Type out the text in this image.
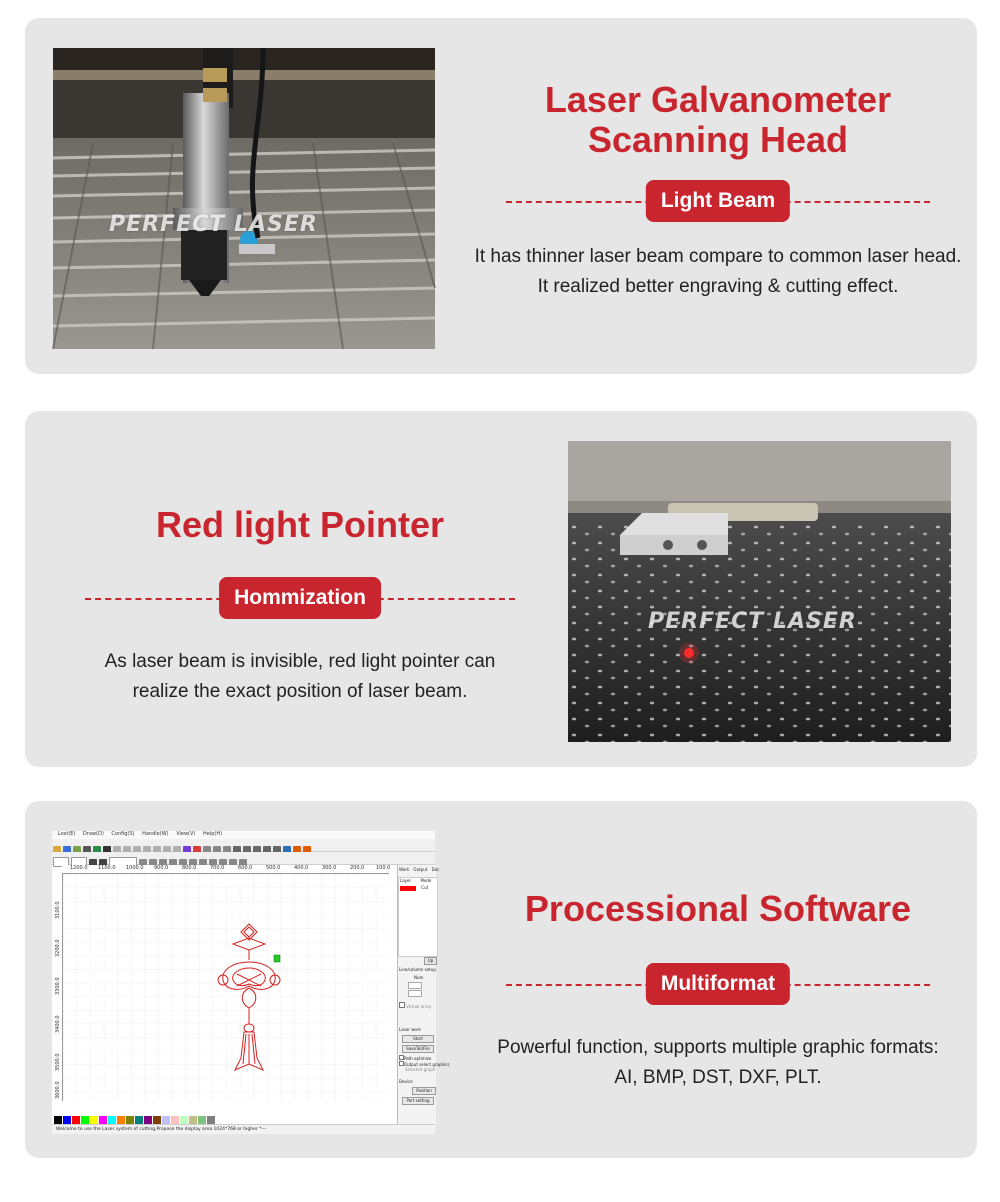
PERFECT LASER
Laser Galvanometer
Scanning Head
Light Beam
It has thinner laser beam compare to common laser head.
It realized better engraving & cutting effect.
Red light Pointer
Hommization
As laser beam is invisible, red light pointer can
realize the exact position of laser beam.
PERFECT LASER
Lost(E) Draw(D) Config(S) Handle(W) View(V) Help(H)
1200.0 1100.0 1000.0 900.0	800.0	700.0	600.0	500.0	400.0	300.0	200.0 100.0
3100.0
3200.0
3300.0
3400.0
3500.0
3600.0
Work Output Doc
Layer Mode
Cut
Up
Line/column setup
Num
Virtual array
Laser work
Start
SaveToUFile
Path optimize
Output select graphics
Selected graph
Device
Position
Port setting
Welcome to use the Laser system of cutting,Propose the display area 1024*768 or higher *---
Processional Software
Multiformat
Powerful function, supports multiple graphic formats:
AI, BMP, DST, DXF, PLT.
